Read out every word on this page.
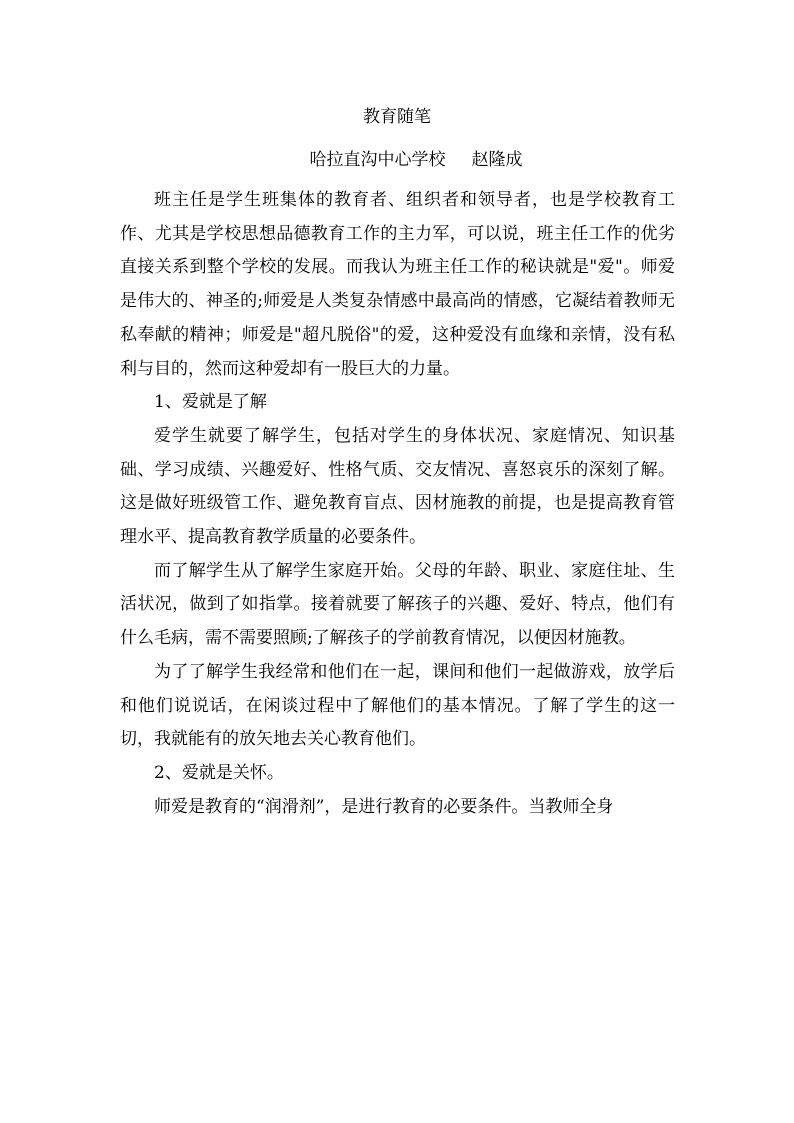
教育随笔

哈拉直沟中心学校 赵隆成

班主任是学生班集体的教育者、组织者和领导者，也是学校教育工作、尤其是学校思想品德教育工作的主力军，可以说，班主任工作的优劣直接关系到整个学校的发展。而我认为班主任工作的秘诀就是"爱"。师爱是伟大的、神圣的;师爱是人类复杂情感中最高尚的情感，它凝结着教师无私奉献的精神；师爱是"超凡脱俗"的爱，这种爱没有血缘和亲情，没有私利与目的，然而这种爱却有一股巨大的力量。

1、爱就是了解

爱学生就要了解学生，包括对学生的身体状况、家庭情况、知识基础、学习成绩、兴趣爱好、性格气质、交友情况、喜怒哀乐的深刻了解。这是做好班级管工作、避免教育盲点、因材施教的前提，也是提高教育管理水平、提高教育教学质量的必要条件。

而了解学生从了解学生家庭开始。父母的年龄、职业、家庭住址、生活状况，做到了如指掌。接着就要了解孩子的兴趣、爱好、特点，他们有什么毛病，需不需要照顾;了解孩子的学前教育情况，以便因材施教。

为了了解学生我经常和他们在一起，课间和他们一起做游戏，放学后和他们说说话，在闲谈过程中了解他们的基本情况。了解了学生的这一切，我就能有的放矢地去关心教育他们。

2、爱就是关怀。

师爱是教育的“润滑剂”，是进行教育的必要条件。当教师全身
